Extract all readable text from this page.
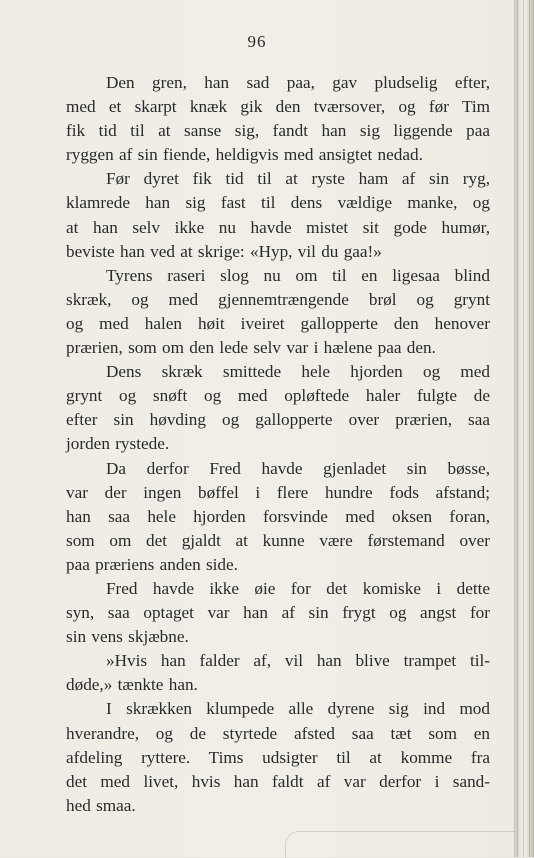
96
Den gren, han sad paa, gav pludselig efter,
med et skarpt knæk gik den tværsover, og før Tim
fik tid til at sanse sig, fandt han sig liggende paa
ryggen af sin fiende, heldigvis med ansigtet nedad.
Før dyret fik tid til at ryste ham af sin ryg,
klamrede han sig fast til dens vældige manke, og
at han selv ikke nu havde mistet sit gode humør,
beviste han ved at skrige: «Hyp, vil du gaa!»
Tyrens raseri slog nu om til en ligesaa blind
skræk, og med gjennemtrængende brøl og grynt
og med halen høit iveiret gallopperte den henover
prærien, som om den lede selv var i hælene paa den.
Dens skræk smittede hele hjorden og med
grynt og snøft og med opløftede haler fulgte de
efter sin høvding og gallopperte over prærien, saa
jorden rystede.
Da derfor Fred havde gjenladet sin bøsse,
var der ingen bøffel i flere hundre fods afstand;
han saa hele hjorden forsvinde med oksen foran,
som om det gjaldt at kunne være førstemand over
paa præriens anden side.
Fred havde ikke øie for det komiske i dette
syn, saa optaget var han af sin frygt og angst for
sin vens skjæbne.
»Hvis han falder af, vil han blive trampet til-
døde,» tænkte han.
I skrækken klumpede alle dyrene sig ind mod
hverandre, og de styrtede afsted saa tæt som en
afdeling ryttere. Tims udsigter til at komme fra
det med livet, hvis han faldt af var derfor i sand-
hed smaa.
